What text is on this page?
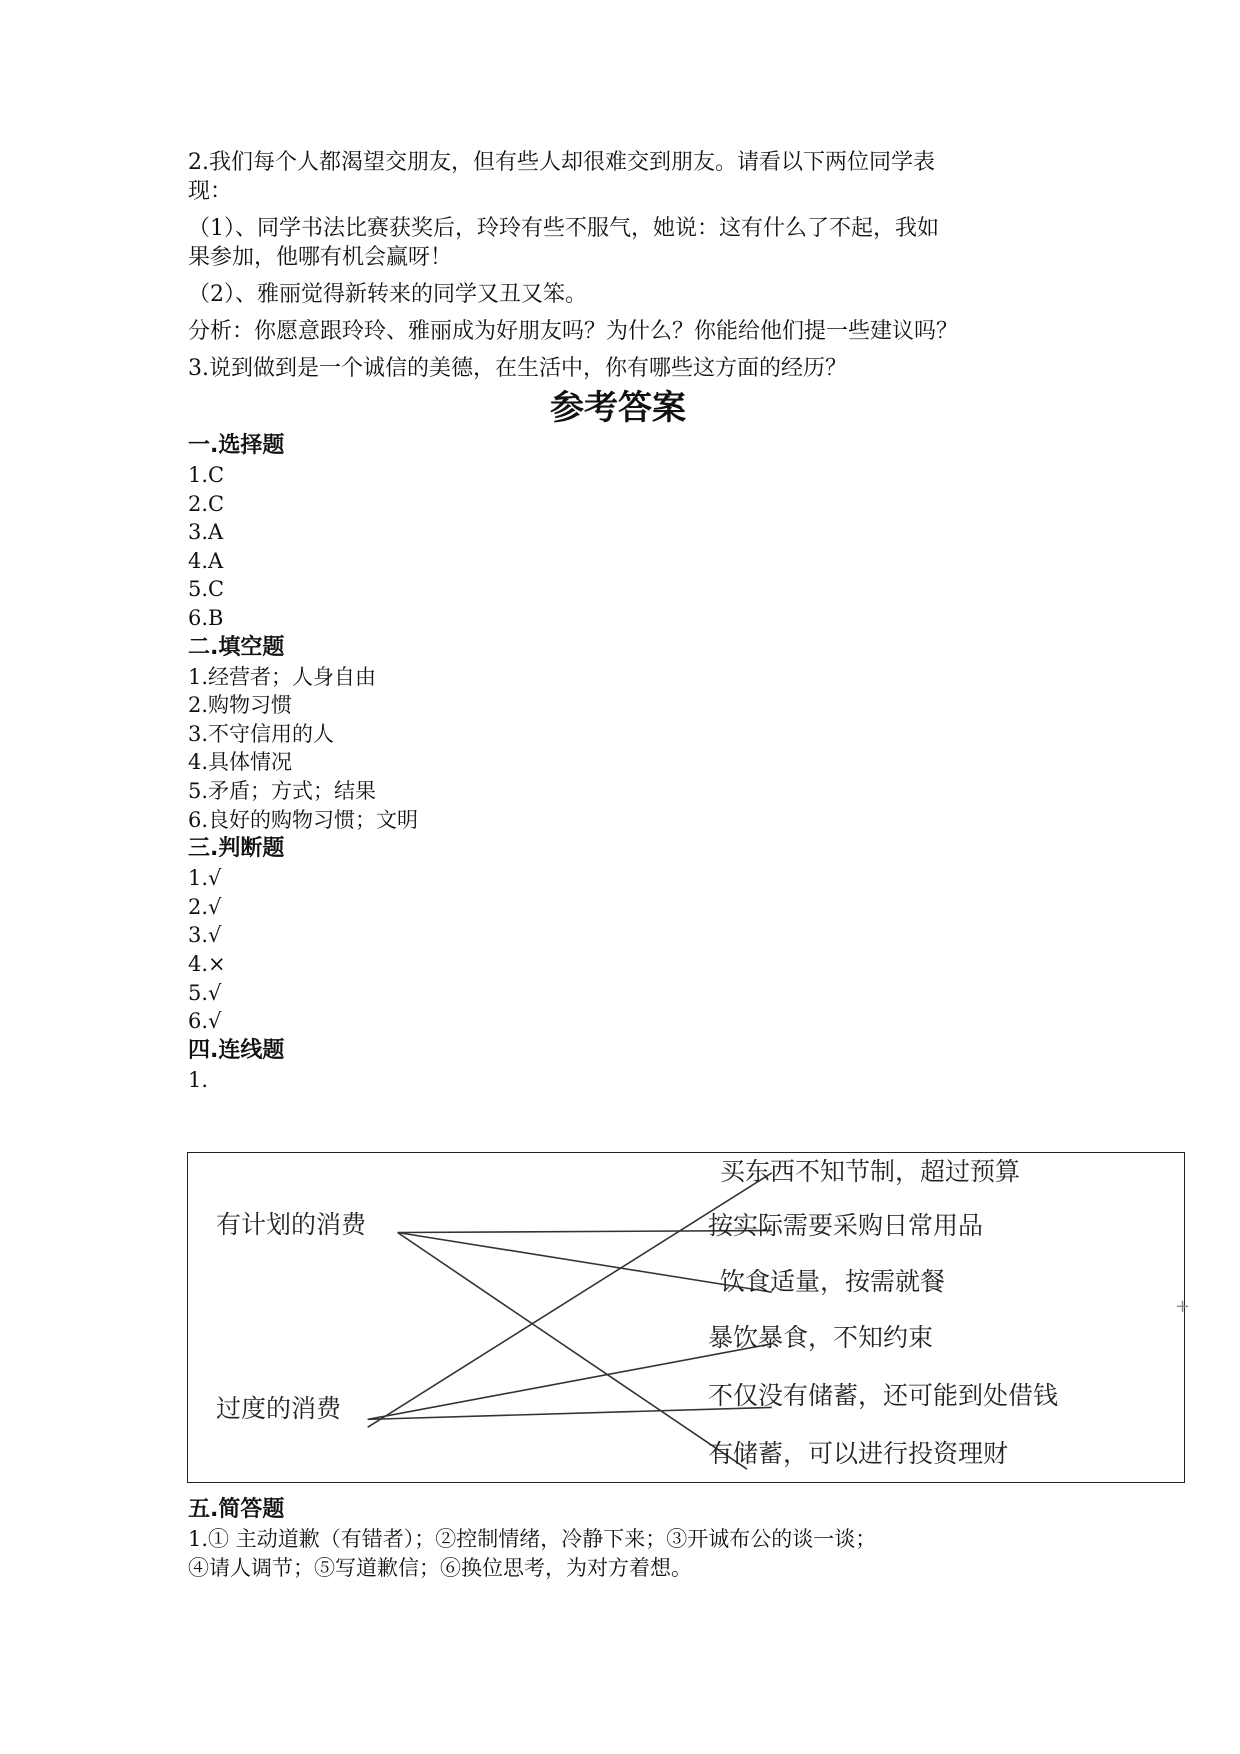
2.我们每个人都渴望交朋友，但有些人却很难交到朋友。请看以下两位同学表

现：

（1）、同学书法比赛获奖后，玲玲有些不服气，她说：这有什么了不起，我如

果参加，他哪有机会赢呀！

（2）、雅丽觉得新转来的同学又丑又笨。

分析：你愿意跟玲玲、雅丽成为好朋友吗？为什么？你能给他们提一些建议吗？

3.说到做到是一个诚信的美德，在生活中，你有哪些这方面的经历？

参考答案

一.选择题

1.C

2.C

3.A

4.A

5.C

6.B

二.填空题

1.经营者；人身自由

2.购物习惯

3.不守信用的人

4.具体情况

5.矛盾；方式；结果

6.良好的购物习惯；文明

三.判断题

1.√

2.√

3.√

4.×

5.√

6.√

四.连线题

1.

有计划的消费
过度的消费
买东西不知节制，超过预算
按实际需要采购日常用品
饮食适量，按需就餐
暴饮暴食，不知约束
不仅没有储蓄，还可能到处借钱
有储蓄，可以进行投资理财
+

五.简答题

1.① 主动道歉（有错者）；②控制情绪，冷静下来；③开诚布公的谈一谈；

④请人调节；⑤写道歉信；⑥换位思考，为对方着想。
